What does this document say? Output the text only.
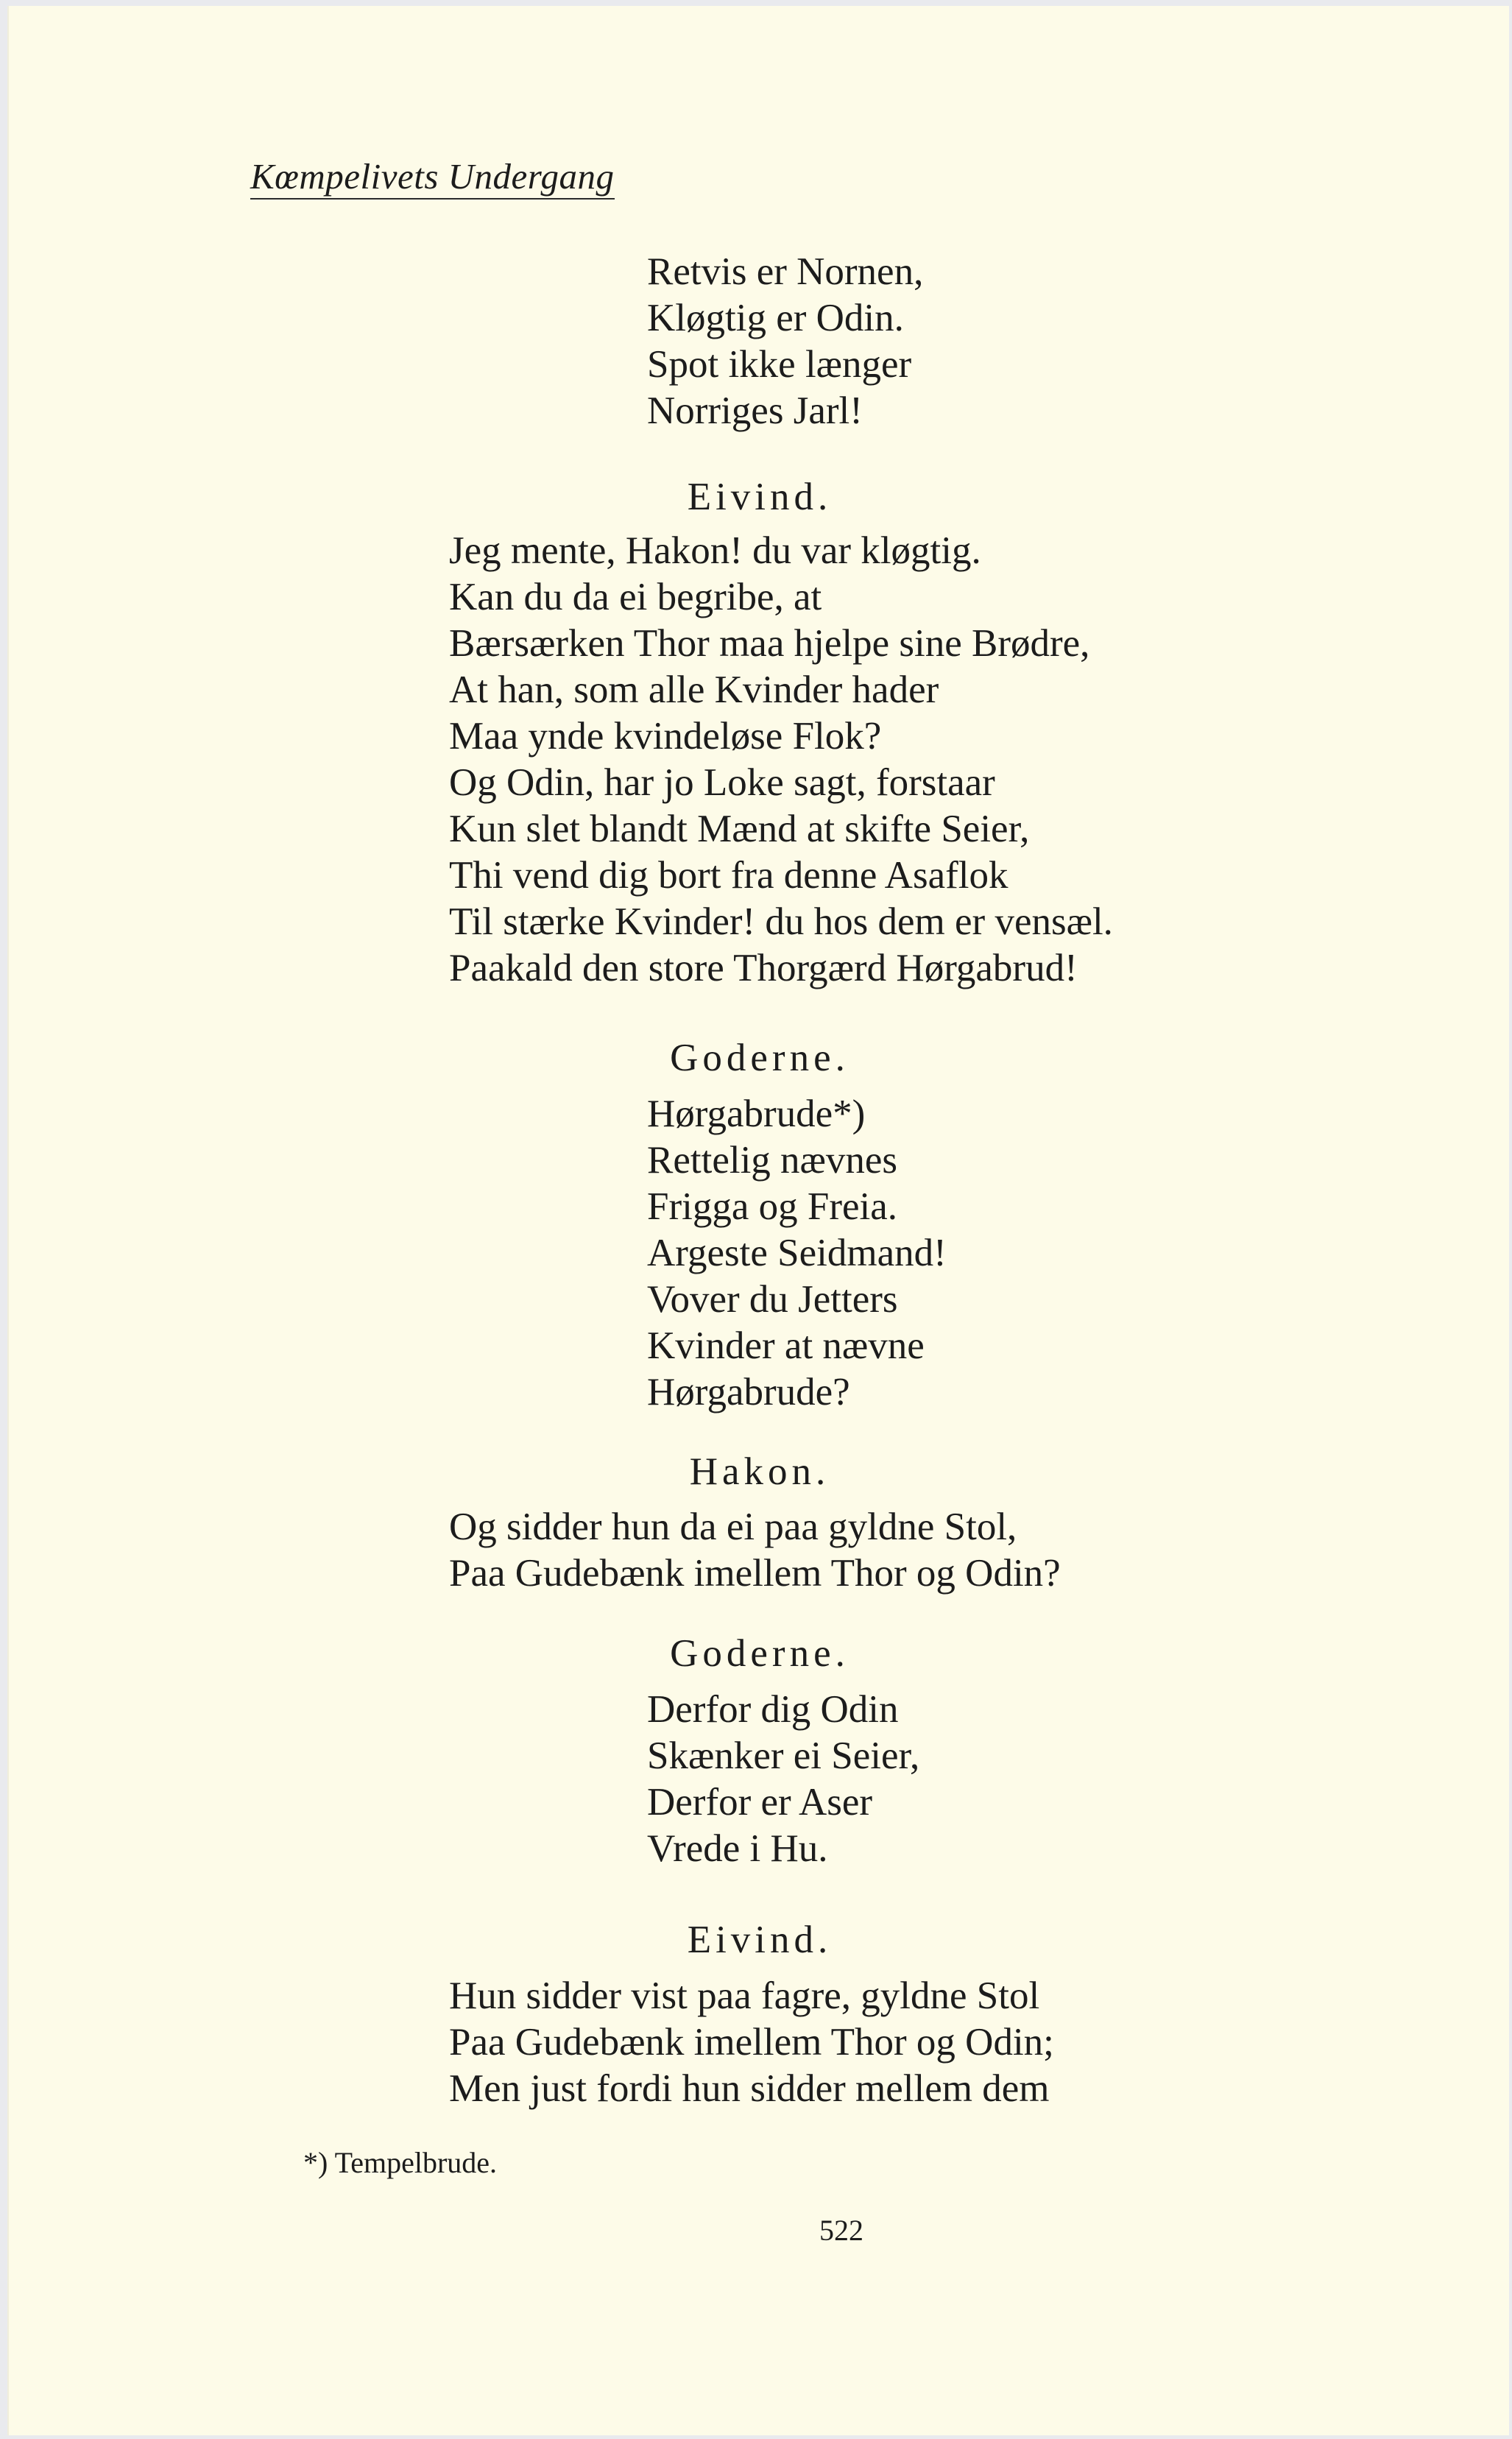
Kœmpelivets Undergang
Retvis er Nornen,
Kløgtig er Odin.
Spot ikke længer
Norriges Jarl!
Eivind.
Jeg mente, Hakon! du var kløgtig.
Kan du da ei begribe, at
Bærsærken Thor maa hjelpe sine Brødre,
At han, som alle Kvinder hader
Maa ynde kvindeløse Flok?
Og Odin, har jo Loke sagt, forstaar
Kun slet blandt Mænd at skifte Seier,
Thi vend dig bort fra denne Asaflok
Til stærke Kvinder! du hos dem er vensæl.
Paakald den store Thorgærd Hørgabrud!
Goderne.
Hørgabrude*)
Rettelig nævnes
Frigga og Freia.
Argeste Seidmand!
Vover du Jetters
Kvinder at nævne
Hørgabrude?
Hakon.
Og sidder hun da ei paa gyldne Stol,
Paa Gudebænk imellem Thor og Odin?
Goderne.
Derfor dig Odin
Skænker ei Seier,
Derfor er Aser
Vrede i Hu.
Eivind.
Hun sidder vist paa fagre, gyldne Stol
Paa Gudebænk imellem Thor og Odin;
Men just fordi hun sidder mellem dem
*) Tempelbrude.
522
